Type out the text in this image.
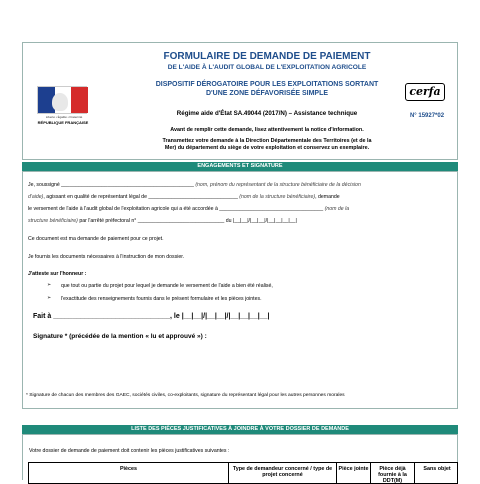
Liberté • Égalité • Fraternité
RÉPUBLIQUE FRANÇAISE
FORMULAIRE DE DEMANDE DE PAIEMENT
DE L'AIDE À L'AUDIT GLOBAL DE L'EXPLOITATION AGRICOLE
DISPOSITIF DÉROGATOIRE POUR LES EXPLOITATIONS SORTANT
D'UNE ZONE DÉFAVORISÉE SIMPLE
Régime aide d'État SA.49044 (2017/N) – Assistance technique
Avant de remplir cette demande, lisez attentivement la notice d'information.
Transmettez votre demande à la Direction Départementale des Territoires (et de la
Mer) du département du siège de votre exploitation et conservez un exemplaire.
cerfa
N° 15927*02
ENGAGEMENTS ET SIGNATURE
Je, soussigné ______________________________________________ (nom, prénom du représentant de la structure bénéficiaire de la décision
d'aide), agissant en qualité de représentant légal de _______________________________ (nom de la structure bénéficiaire), demande
le versement de l'aide à l'audit global de l'exploitation agricole qui a été accordée à ____________________________________ (nom de la
structure bénéficiaire) par l'arrêté préfectoral n° ______________________________ du |__|__|/|__|__|/|__|__|__|__|
Ce document est ma demande de paiement pour ce projet.
Je fournis les documents nécessaires à l'instruction de mon dossier.
J'atteste sur l'honneur :
➢ que tout ou partie du projet pour lequel je demande le versement de l'aide a bien été réalisé,
➢ l'exactitude des renseignements fournis dans le présent formulaire et les pièces jointes.
Fait à ______________________________, le |__|__|/|__|__|/|__|__|__|__|
Signature * (précédée de la mention « lu et approuvé ») :
* Signature de chacun des membres des GAEC, sociétés civiles, co-exploitants, signature du représentant légal pour les autres personnes morales
LISTE DES PIÈCES JUSTIFICATIVES À JOINDRE À VOTRE DOSSIER DE DEMANDE
Votre dossier de demande de paiement doit contenir les pièces justificatives suivantes :
Pièces	Type de demandeur concerné / type de projet concerné
Pièce jointe	Pièce déjà fournie à la DDT(M)
Sans objet
